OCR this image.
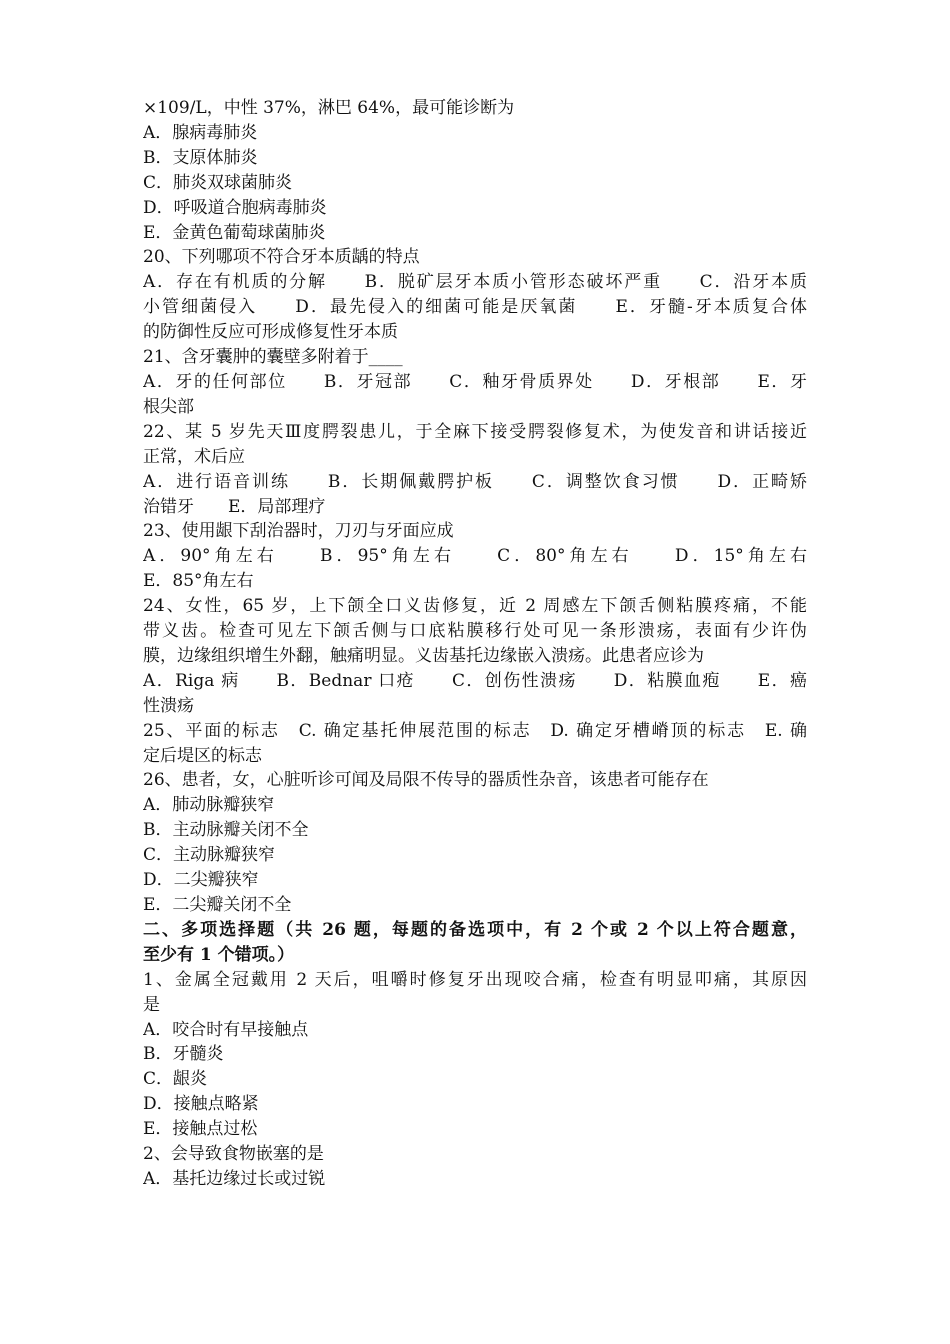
×109/L，中性 37%，淋巴 64%，最可能诊断为
A．腺病毒肺炎
B．支原体肺炎
C．肺炎双球菌肺炎
D．呼吸道合胞病毒肺炎
E．金黄色葡萄球菌肺炎
20、下列哪项不符合牙本质龋的特点
A．存在有机质的分解　　B．脱矿层牙本质小管形态破坏严重　　C．沿牙本质
小管细菌侵入　　D．最先侵入的细菌可能是厌氧菌　　E．牙髓-牙本质复合体
的防御性反应可形成修复性牙本质
21、含牙囊肿的囊壁多附着于____
A．牙的任何部位　　B．牙冠部　　C．釉牙骨质界处　　D．牙根部　　E．牙
根尖部
22、某 5 岁先天Ⅲ度腭裂患儿，于全麻下接受腭裂修复术，为使发音和讲话接近
正常，术后应
A．进行语音训练　　B．长期佩戴腭护板　　C．调整饮食习惯　　D．正畸矫
治错牙　　E．局部理疗
23、使用龈下刮治器时，刀刃与牙面应成
A．90°角左右　　B．95°角左右　　C．80°角左右　　D．15°角左右
E．85°角左右
24、女性，65 岁，上下颌全口义齿修复，近 2 周感左下颌舌侧粘膜疼痛，不能
带义齿。检查可见左下颌舌侧与口底粘膜移行处可见一条形溃疡，表面有少许伪
膜，边缘组织增生外翻，触痛明显。义齿基托边缘嵌入溃疡。此患者应诊为
A．Riga 病　　B．Bednar 口疮　　C．创伤性溃疡　　D．粘膜血疱　　E．癌
性溃疡
25、平面的标志　C. 确定基托伸展范围的标志　D. 确定牙槽嵴顶的标志　E. 确
定后堤区的标志
26、患者，女，心脏听诊可闻及局限不传导的器质性杂音，该患者可能存在
A．肺动脉瓣狭窄
B．主动脉瓣关闭不全
C．主动脉瓣狭窄
D．二尖瓣狭窄
E．二尖瓣关闭不全
二、多项选择题（共 26 题，每题的备选项中，有 2 个或 2 个以上符合题意，
至少有 1 个错项。）
1、金属全冠戴用 2 天后，咀嚼时修复牙出现咬合痛，检查有明显叩痛，其原因
是
A．咬合时有早接触点
B．牙髓炎
C．龈炎
D．接触点略紧
E．接触点过松
2、会导致食物嵌塞的是
A．基托边缘过长或过锐
